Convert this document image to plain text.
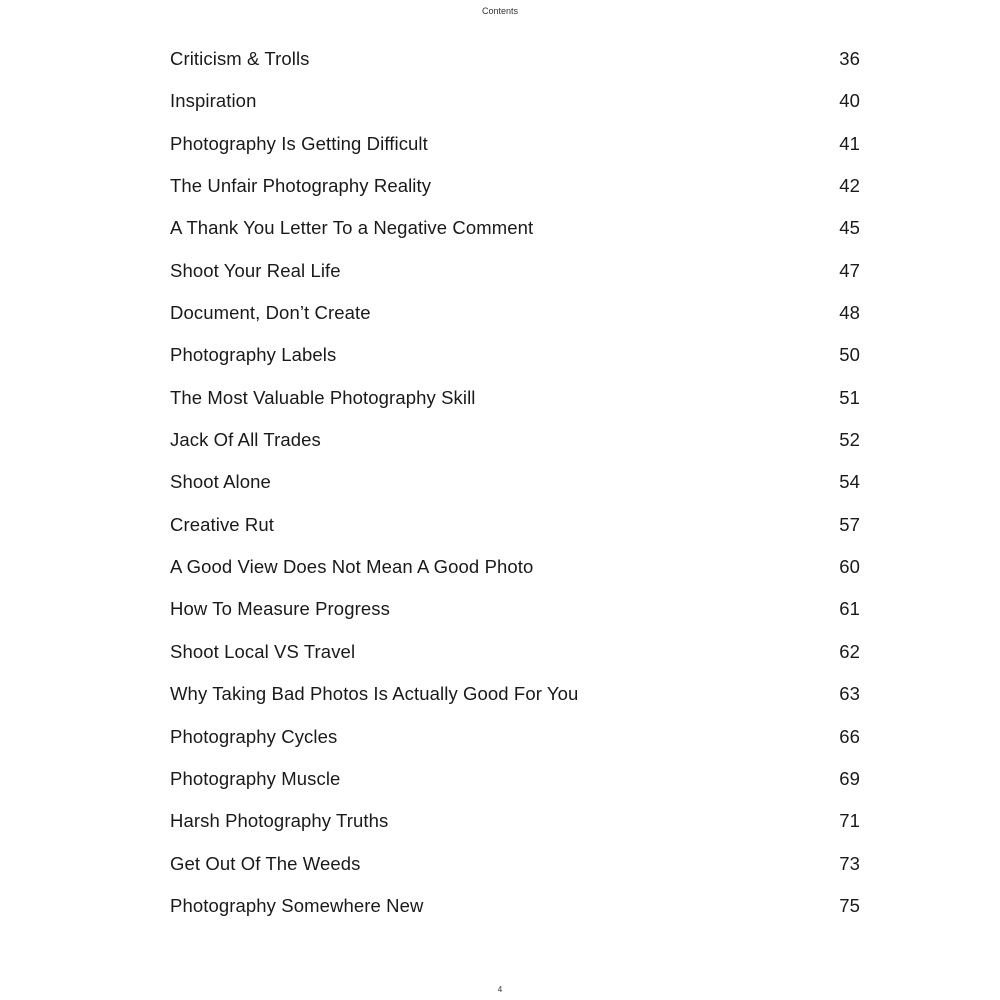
Contents
Criticism & Trolls	36
Inspiration	40
Photography Is Getting Difficult	41
The Unfair Photography Reality	42
A Thank You Letter To a Negative Comment	45
Shoot Your Real Life	47
Document, Don’t Create	48
Photography Labels	50
The Most Valuable Photography Skill	51
Jack Of All Trades	52
Shoot Alone	54
Creative Rut	57
A Good View Does Not Mean A Good Photo	60
How To Measure Progress	61
Shoot Local VS Travel	62
Why Taking Bad Photos Is Actually Good For You	63
Photography Cycles	66
Photography Muscle	69
Harsh Photography Truths	71
Get Out Of The Weeds	73
Photography Somewhere New	75
4
